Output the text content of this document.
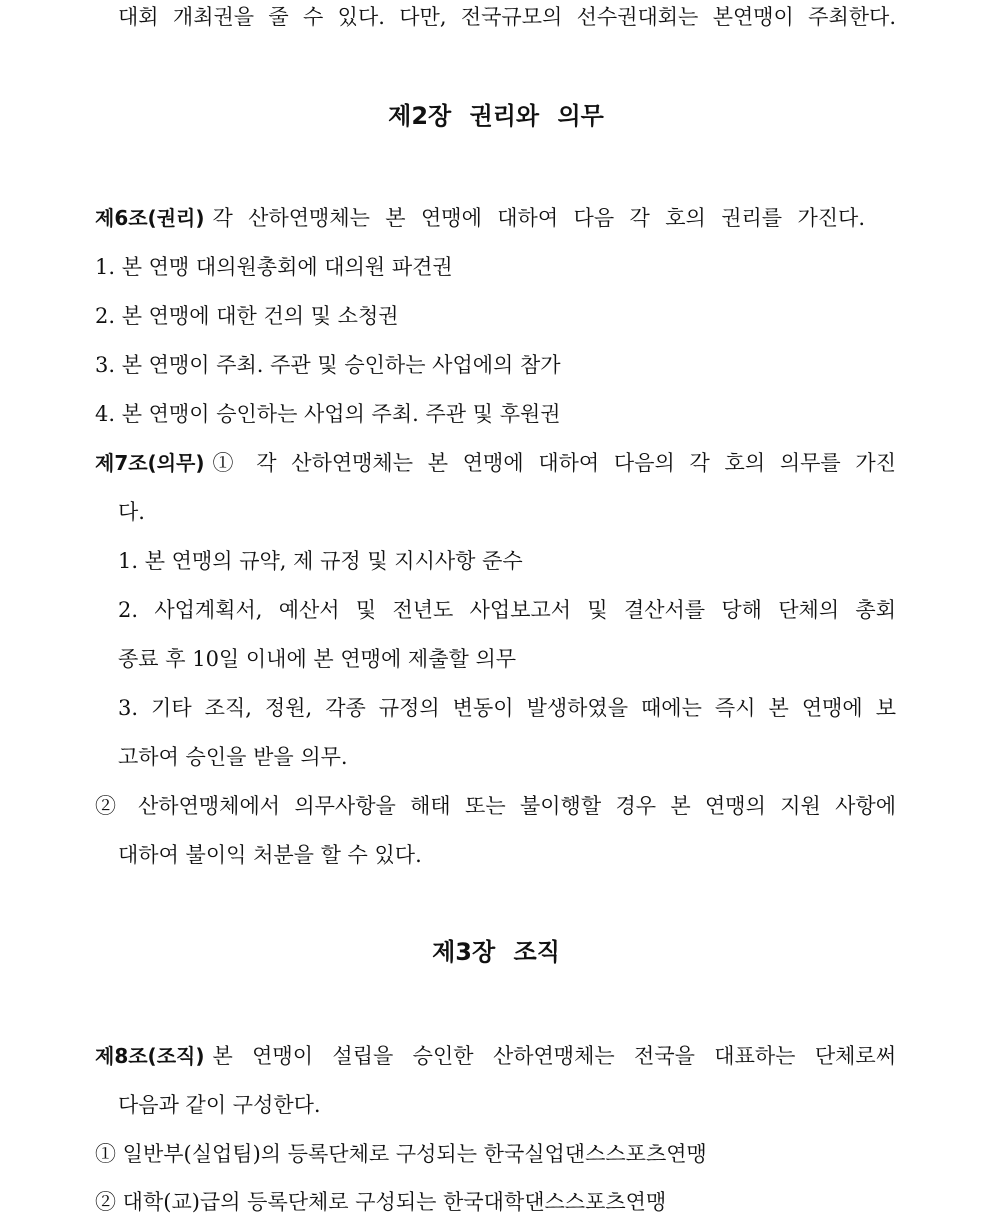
대회 개최권을 줄 수 있다. 다만, 전국규모의 선수권대회는 본연맹이 주최한다.
제2장 권리와 의무
제6조(권리) 각 산하연맹체는 본 연맹에 대하여 다음 각 호의 권리를 가진다.
1. 본 연맹 대의원총회에 대의원 파견권
2. 본 연맹에 대한 건의 및 소청권
3. 본 연맹이 주최. 주관 및 승인하는 사업에의 참가
4. 본 연맹이 승인하는 사업의 주최. 주관 및 후원권
제7조(의무) ① 각 산하연맹체는 본 연맹에 대하여 다음의 각 호의 의무를 가진
다.
1. 본 연맹의 규약, 제 규정 및 지시사항 준수
2. 사업계획서, 예산서 및 전년도 사업보고서 및 결산서를 당해 단체의 총회
종료 후 10일 이내에 본 연맹에 제출할 의무
3. 기타 조직, 정원, 각종 규정의 변동이 발생하였을 때에는 즉시 본 연맹에 보
고하여 승인을 받을 의무.
② 산하연맹체에서 의무사항을 해태 또는 불이행할 경우 본 연맹의 지원 사항에
대하여 불이익 처분을 할 수 있다.
제3장 조직
제8조(조직) 본 연맹이 설립을 승인한 산하연맹체는 전국을 대표하는 단체로써
다음과 같이 구성한다.
① 일반부(실업팀)의 등록단체로 구성되는 한국실업댄스스포츠연맹
② 대학(교)급의 등록단체로 구성되는 한국대학댄스스포츠연맹
